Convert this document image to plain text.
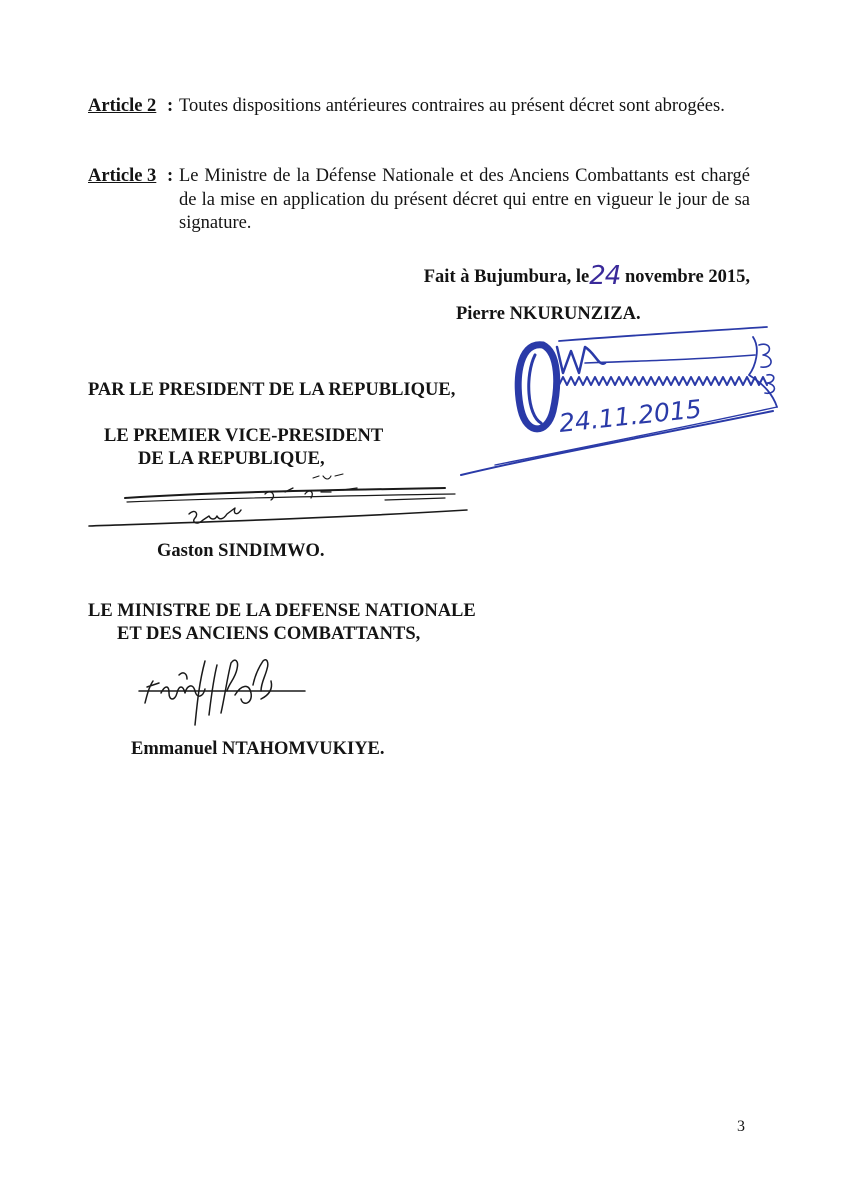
Article 2 : Toutes dispositions antérieures contraires au présent décret sont abrogées.
Article 3 : Le Ministre de la Défense Nationale et des Anciens Combattants est chargé de la mise en application du présent décret qui entre en vigueur le jour de sa signature.
Fait à Bujumbura, le24 novembre 2015,
Pierre NKURUNZIZA.
24.11.2015
PAR LE PRESIDENT DE LA REPUBLIQUE,
LE PREMIER VICE-PRESIDENT
DE LA REPUBLIQUE,
Gaston SINDIMWO.
LE MINISTRE DE LA DEFENSE NATIONALE
ET DES ANCIENS COMBATTANTS,
Emmanuel NTAHOMVUKIYE.
3
